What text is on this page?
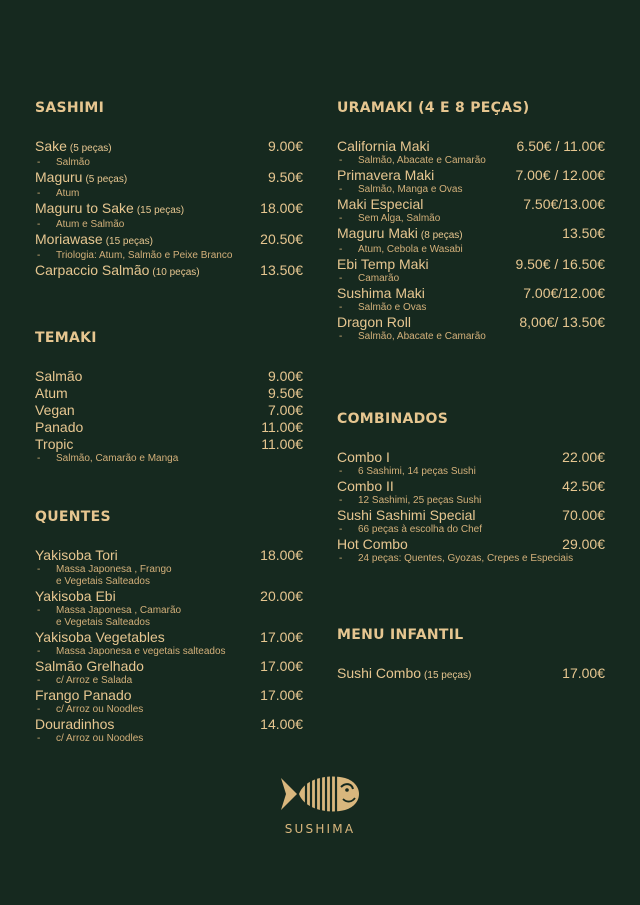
SASHIMI
Sake (5 peças)	9.00€
-	Salmão
Maguru (5 peças)	9.50€
-	Atum
Maguru to Sake (15 peças)	18.00€
-	Atum e Salmão
Moriawase (15 peças)	20.50€
-	Triologia: Atum, Salmão e Peixe Branco
Carpaccio Salmão (10 peças)	13.50€
TEMAKI
Salmão	9.00€
Atum	9.50€
Vegan	7.00€
Panado	11.00€
Tropic	11.00€
-	Salmão, Camarão e Manga
QUENTES
Yakisoba Tori	18.00€
-	Massa Japonesa , Frango
e Vegetais Salteados
Yakisoba Ebi	20.00€
-	Massa Japonesa , Camarão
e Vegetais Salteados
Yakisoba Vegetables	17.00€
-	Massa Japonesa e vegetais salteados
Salmão Grelhado	17.00€
-	c/ Arroz e Salada
Frango Panado	17.00€
-	c/ Arroz ou Noodles
Douradinhos	14.00€
-	c/ Arroz ou Noodles
URAMAKI (4 E 8 PEÇAS)
California Maki	6.50€ / 11.00€
-	Salmão, Abacate e Camarão
Primavera Maki	7.00€ / 12.00€
-	Salmão, Manga e Ovas
Maki Especial	7.50€/13.00€
-	Sem Alga, Salmão
Maguru Maki (8 peças)	13.50€
-	Atum, Cebola e Wasabi
Ebi Temp Maki	9.50€ / 16.50€
-	Camarão
Sushima Maki	7.00€/12.00€
-	Salmão e Ovas
Dragon Roll	8,00€/ 13.50€
-	Salmão, Abacate e Camarão
COMBINADOS
Combo I	22.00€
-	6 Sashimi, 14 peças Sushi
Combo II	42.50€
-	12 Sashimi, 25 peças Sushi
Sushi Sashimi Special	70.00€
-	66 peças à escolha do Chef
Hot Combo	29.00€
-	24 peças: Quentes, Gyozas, Crepes e Especiais
MENU INFANTIL
Sushi Combo (15 peças)	17.00€
SUSHIMA
